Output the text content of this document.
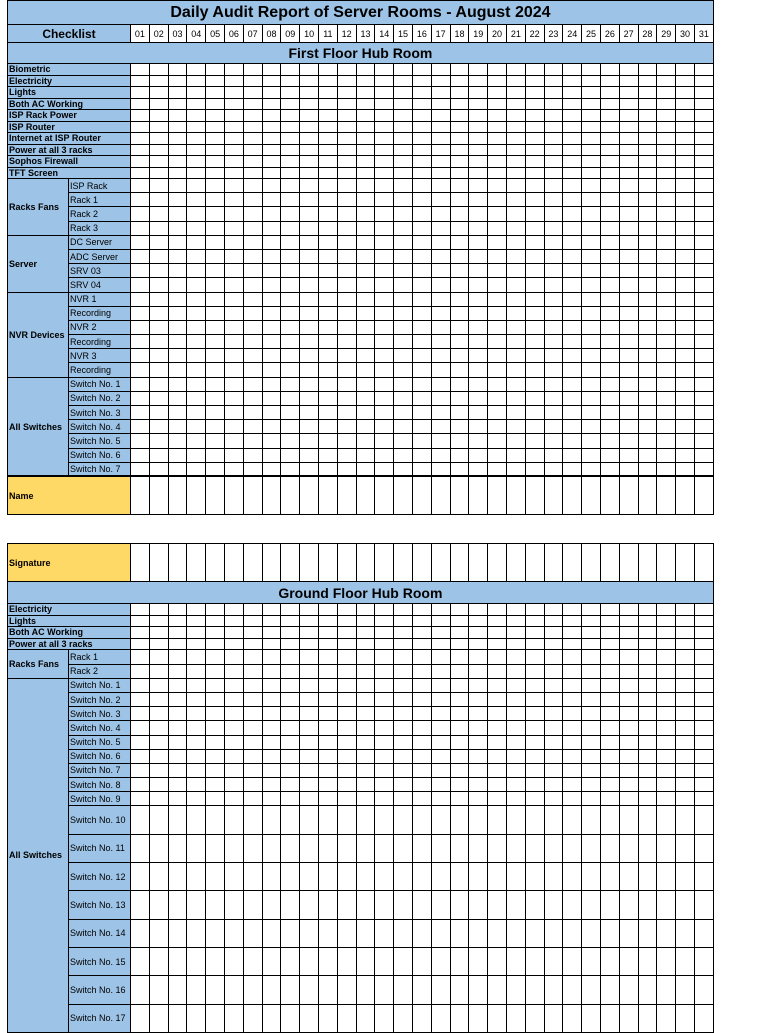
Daily Audit Report of Server Rooms - August 2024																																
Checklist		01	02	03	04	05	06	07	08	09	10	11	12	13	14	15	16	17	18	19	20	21	22	23	24	25	26	27	28	29	30	31
First Floor Hub Room																																
Biometric																																
Electricity																																
Lights																																
Both AC Working																																
ISP Rack Power																																
ISP Router																																
Internet at ISP Router																																
Power at all 3 racks																																
Sophos Firewall																																
TFT Screen																																
Racks Fans	ISP Rack																															
	Rack 1																															
	Rack 2																															
	Rack 3																															
Server	DC Server																															
	ADC Server																															
	SRV 03																															
	SRV 04																															
NVR Devices	NVR 1																															
	Recording																															
	NVR 2																															
	Recording																															
	NVR 3																															
	Recording																															
All Switches	Switch No. 1																															
	Switch No. 2																															
	Switch No. 3																															
	Switch No. 4																															
	Switch No. 5																															
	Switch No. 6																															
	Switch No. 7																															
Name																																
Signature																																
Ground Floor Hub Room																																
Electricity																																
Lights																																
Both AC Working																																
Power at all 3 racks																																
Racks Fans	Rack 1																															
	Rack 2																															
All Switches	Switch No. 1																															
	Switch No. 2																															
	Switch No. 3																															
	Switch No. 4																															
	Switch No. 5																															
	Switch No. 6																															
	Switch No. 7																															
	Switch No. 8																															
	Switch No. 9																															
	Switch No. 10																															
	Switch No. 11																															
	Switch No. 12																															
	Switch No. 13																															
	Switch No. 14																															
	Switch No. 15																															
	Switch No. 16																															
	Switch No. 17																															
